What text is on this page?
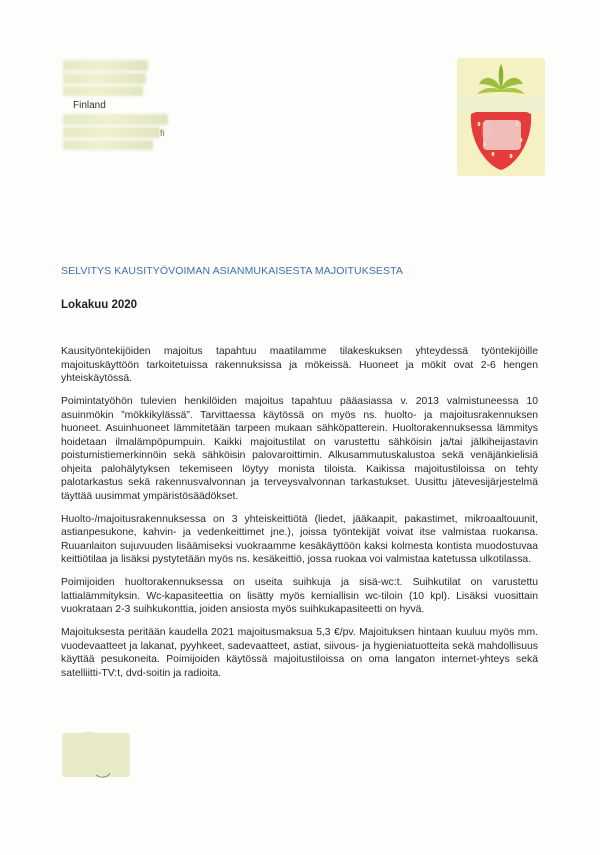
Finland
fi
SELVITYS KAUSITYÖVOIMAN ASIANMUKAISESTA MAJOITUKSESTA
Lokakuu 2020

Kausityöntekijöiden majoitus tapahtuu maatilamme tilakeskuksen yhteydessä työntekijöille majoituskäyttöön tarkoitetuissa rakennuksissa ja mökeissä. Huoneet ja mökit ovat 2-6 hengen yhteiskäytössä.

Poimintatyöhön tulevien henkilöiden majoitus tapahtuu pääasiassa v. 2013 valmistuneessa 10 asuinmökin ”mökkikylässä”. Tarvittaessa käytössä on myös ns. huolto- ja majoitusrakennuksen huoneet. Asuinhuoneet lämmitetään tarpeen mukaan sähköpatterein. Huoltorakennuksessa lämmitys hoidetaan ilmalämpöpumpuin. Kaikki majoitustilat on varustettu sähköisin ja/tai jälkiheijastavin poistumistiemerkinnöin sekä sähköisin palovaroittimin. Alkusammutuskalustoa sekä venäjänkielisiä ohjeita palohälytyksen tekemiseen löytyy monista tiloista. Kaikissa majoitustiloissa on tehty palotarkastus sekä rakennusvalvonnan ja terveysvalvonnan tarkastukset. Uusittu jätevesijärjestelmä täyttää uusimmat ympäristösäädökset.

Huolto-/majoitusrakennuksessa on 3 yhteiskeittiötä (liedet, jääkaapit, pakastimet, mikroaaltouunit, astianpesukone, kahvin- ja vedenkeittimet jne.), joissa työntekijät voivat itse valmistaa ruokansa. Ruuanlaiton sujuvuuden lisäämiseksi vuokraamme kesäkäyttöön kaksi kolmesta kontista muodostuvaa keittiötilaa ja lisäksi pystytetään myös ns. kesäkeittiö, jossa ruokaa voi valmistaa katetussa ulkotilassa.

Poimijoiden huoltorakennuksessa on useita suihkuja ja sisä-wc:t. Suihkutilat on varustettu lattialämmityksin. Wc-kapasiteettia on lisätty myös kemiallisin wc-tiloin (10 kpl). Lisäksi vuosittain vuokrataan 2-3 suihkukonttia, joiden ansiosta myös suihkukapasiteetti on hyvä.

Majoituksesta peritään kaudella 2021 majoitusmaksua 5,3 €/pv. Majoituksen hintaan kuuluu myös mm. vuodevaatteet ja lakanat, pyyhkeet, sadevaatteet, astiat, siivous- ja hygieniatuotteita sekä mahdollisuus käyttää pesukoneita. Poimijoiden käytössä majoitustiloissa on oma langaton internet-yhteys sekä satelliitti-TV:t, dvd-soitin ja radioita.
